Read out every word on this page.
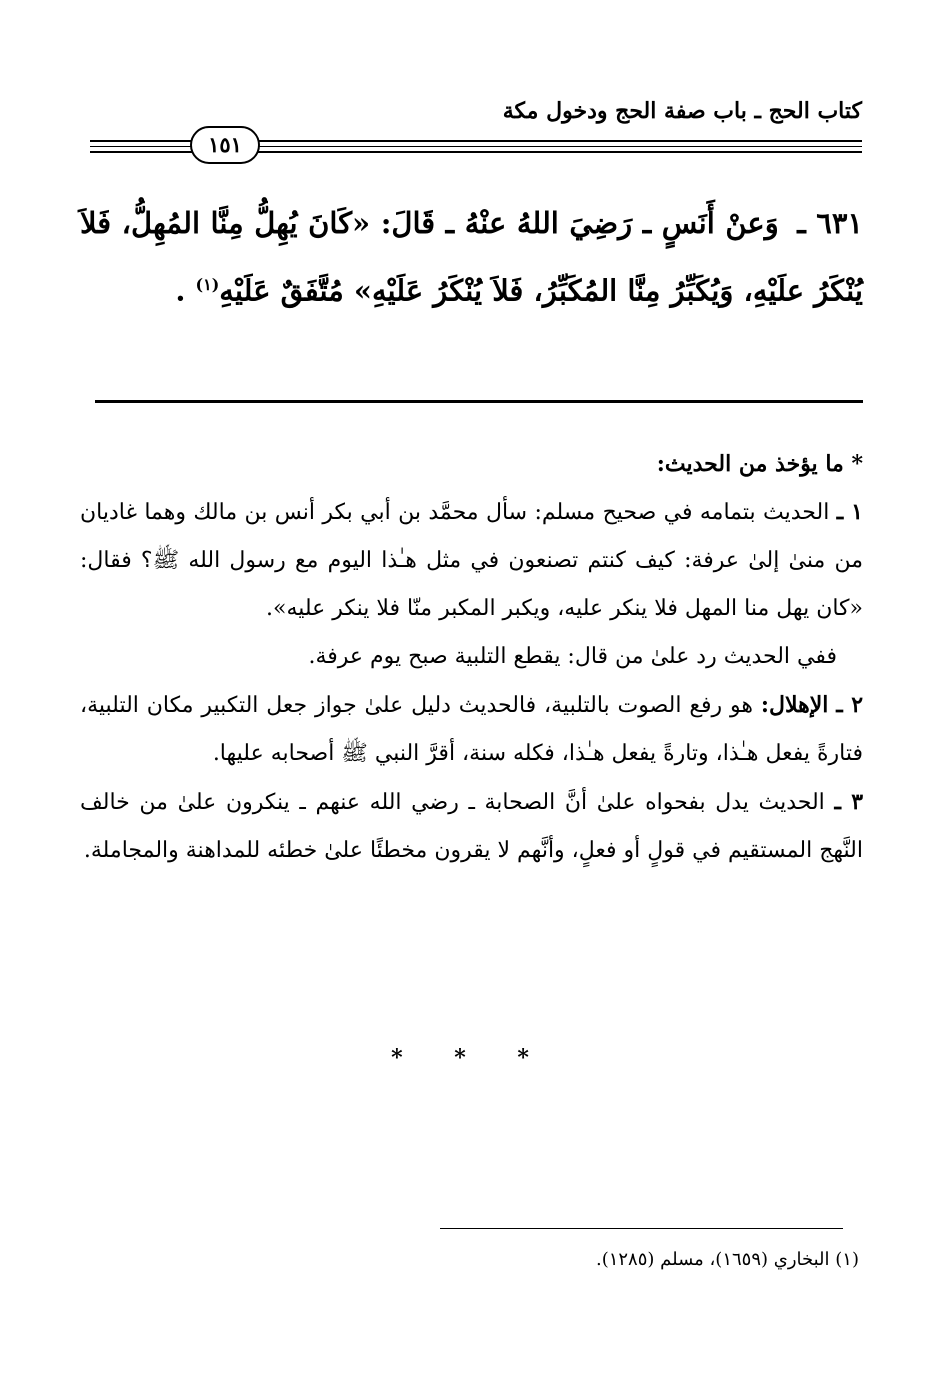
كتاب الحج ـ باب صفة الحج ودخول مكة
١٥١
٦٣١ ـ وَعنْ أَنَسٍ ـ رَضِيَ اللهُ عنْهُ ـ قَالَ: «كَانَ يُهِلُّ مِنَّا المُهِلُّ، فَلاَ يُنْكَرُ علَيْهِ، وَيُكَبِّرُ مِنَّا المُكَبِّرُ، فَلاَ يُنْكَرُ عَلَيْهِ» مُتَّفَقٌ عَلَيْهِ$^{(١)}$ .

* ما يؤخذ من الحديث:

١ ـ الحديث بتمامه في صحيح مسلم: سأل محمَّد بن أبي بكر أنس بن مالك وهما غاديان من منىٰ إلىٰ عرفة: كيف كنتم تصنعون في مثل هـٰذا اليوم مع رسول الله ﷺ؟ فقال: «كان يهل منا المهل فلا ينكر عليه، ويكبر المكبر منّا فلا ينكر عليه».

ففي الحديث رد علىٰ من قال: يقطع التلبية صبح يوم عرفة.

٢ ـ الإهلال: هو رفع الصوت بالتلبية، فالحديث دليل علىٰ جواز جعل التكبير مكان التلبية، فتارةً يفعل هـٰذا، وتارةً يفعل هـٰذا، فكله سنة، أقرَّ النبي ﷺ أصحابه عليها.

٣ ـ الحديث يدل بفحواه علىٰ أنَّ الصحابة ـ رضي الله عنهم ـ ينكرون علىٰ من خالف النَّهج المستقيم في قولٍ أو فعلٍ، وأنَّهم لا يقرون مخطئًا علىٰ خطئه للمداهنة والمجاملة.

* * *
(١) البخاري (١٦٥٩)، مسلم (١٢٨٥).
